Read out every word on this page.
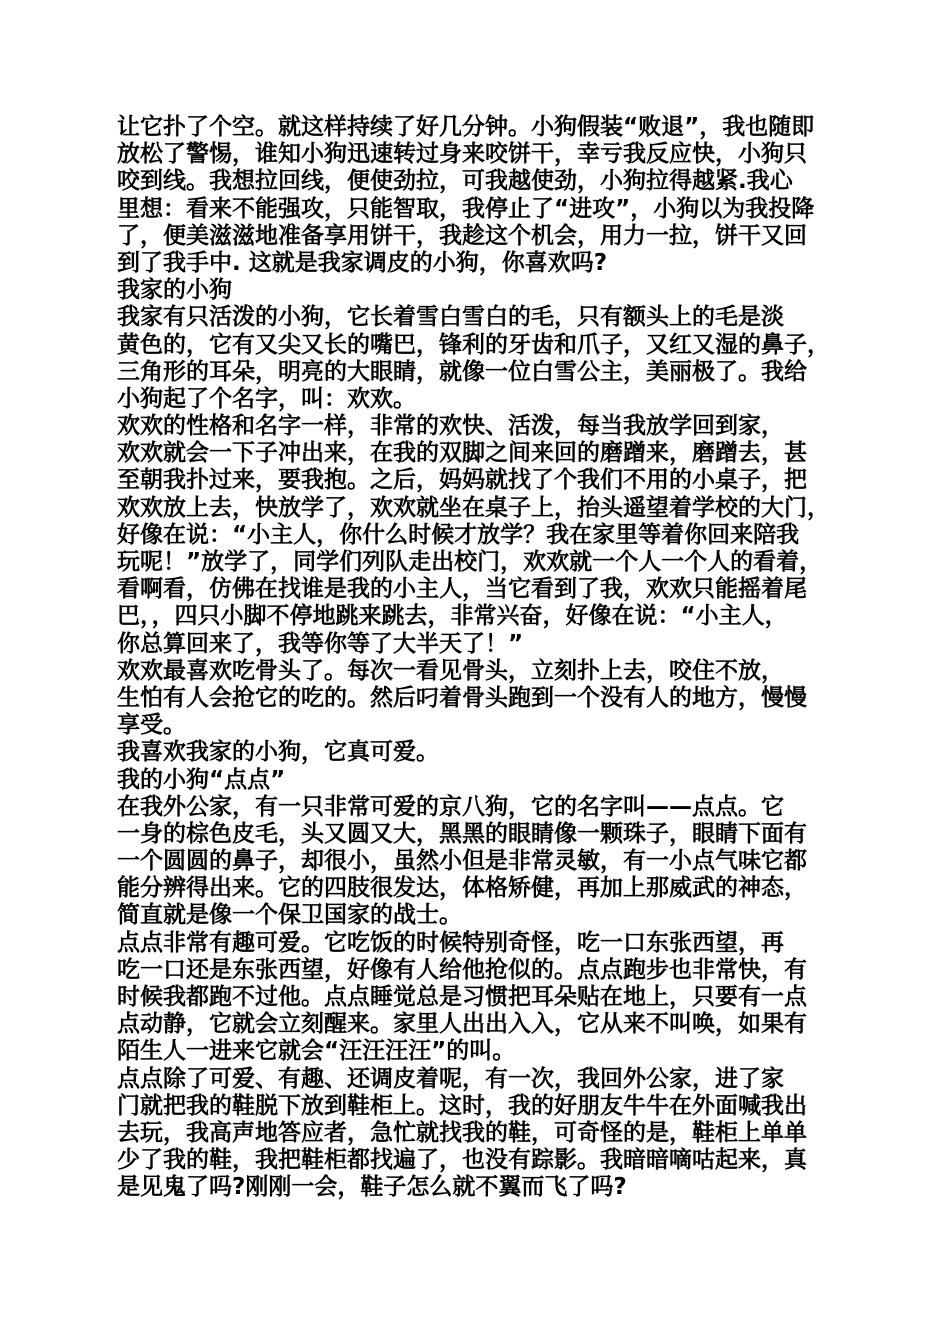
让它扑了个空。就这样持续了好几分钟。小狗假装“败退”，我也随即
放松了警惕，谁知小狗迅速转过身来咬饼干，幸亏我反应快，小狗只
咬到线。我想拉回线，便使劲拉，可我越使劲，小狗拉得越紧.我心
里想：看来不能强攻，只能智取，我停止了“进攻”，小狗以为我投降
了，便美滋滋地准备享用饼干，我趁这个机会，用力一拉，饼干又回
到了我手中. 这就是我家调皮的小狗，你喜欢吗?
我家的小狗
我家有只活泼的小狗，它长着雪白雪白的毛，只有额头上的毛是淡
黄色的，它有又尖又长的嘴巴，锋利的牙齿和爪子，又红又湿的鼻子，
三角形的耳朵，明亮的大眼睛，就像一位白雪公主，美丽极了。我给
小狗起了个名字，叫：欢欢。
欢欢的性格和名字一样，非常的欢快、活泼，每当我放学回到家，
欢欢就会一下子冲出来，在我的双脚之间来回的磨蹭来，磨蹭去，甚
至朝我扑过来，要我抱。之后，妈妈就找了个我们不用的小桌子，把
欢欢放上去，快放学了，欢欢就坐在桌子上，抬头遥望着学校的大门，
好像在说：“小主人，你什么时候才放学？我在家里等着你回来陪我
玩呢！”放学了，同学们列队走出校门，欢欢就一个人一个人的看着，
看啊看，仿佛在找谁是我的小主人，当它看到了我，欢欢只能摇着尾
巴，，四只小脚不停地跳来跳去，非常兴奋，好像在说：“小主人，
你总算回来了，我等你等了大半天了！”
欢欢最喜欢吃骨头了。每次一看见骨头，立刻扑上去，咬住不放，
生怕有人会抢它的吃的。然后叼着骨头跑到一个没有人的地方，慢慢
享受。
我喜欢我家的小狗，它真可爱。
我的小狗“点点”
在我外公家，有一只非常可爱的京八狗，它的名字叫——点点。它
一身的棕色皮毛，头又圆又大，黑黑的眼睛像一颗珠子，眼睛下面有
一个圆圆的鼻子，却很小，虽然小但是非常灵敏，有一小点气味它都
能分辨得出来。它的四肢很发达，体格矫健，再加上那威武的神态，
简直就是像一个保卫国家的战士。
点点非常有趣可爱。它吃饭的时候特别奇怪，吃一口东张西望，再
吃一口还是东张西望，好像有人给他抢似的。点点跑步也非常快，有
时候我都跑不过他。点点睡觉总是习惯把耳朵贴在地上，只要有一点
点动静，它就会立刻醒来。家里人出出入入，它从来不叫唤，如果有
陌生人一进来它就会“汪汪汪汪”的叫。
点点除了可爱、有趣、还调皮着呢，有一次，我回外公家，进了家
门就把我的鞋脱下放到鞋柜上。这时，我的好朋友牛牛在外面喊我出
去玩，我高声地答应者，急忙就找我的鞋，可奇怪的是，鞋柜上单单
少了我的鞋，我把鞋柜都找遍了，也没有踪影。我暗暗嘀咕起来，真
是见鬼了吗?刚刚一会，鞋子怎么就不翼而飞了吗?
